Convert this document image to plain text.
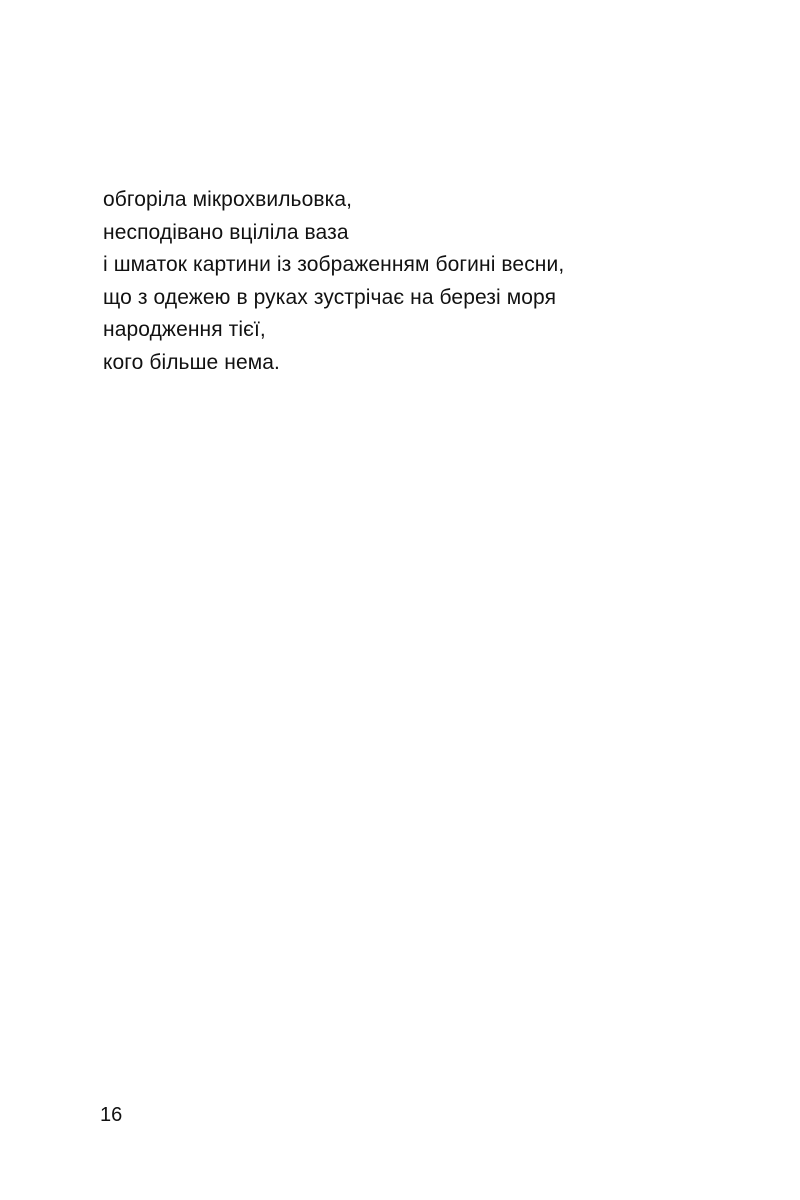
обгоріла мікрохвильовка,
несподівано вціліла ваза
і шматок картини із зображенням богині весни,
що з одежею в руках зустрічає на березі моря
народження тієї,
кого більше нема.
16
